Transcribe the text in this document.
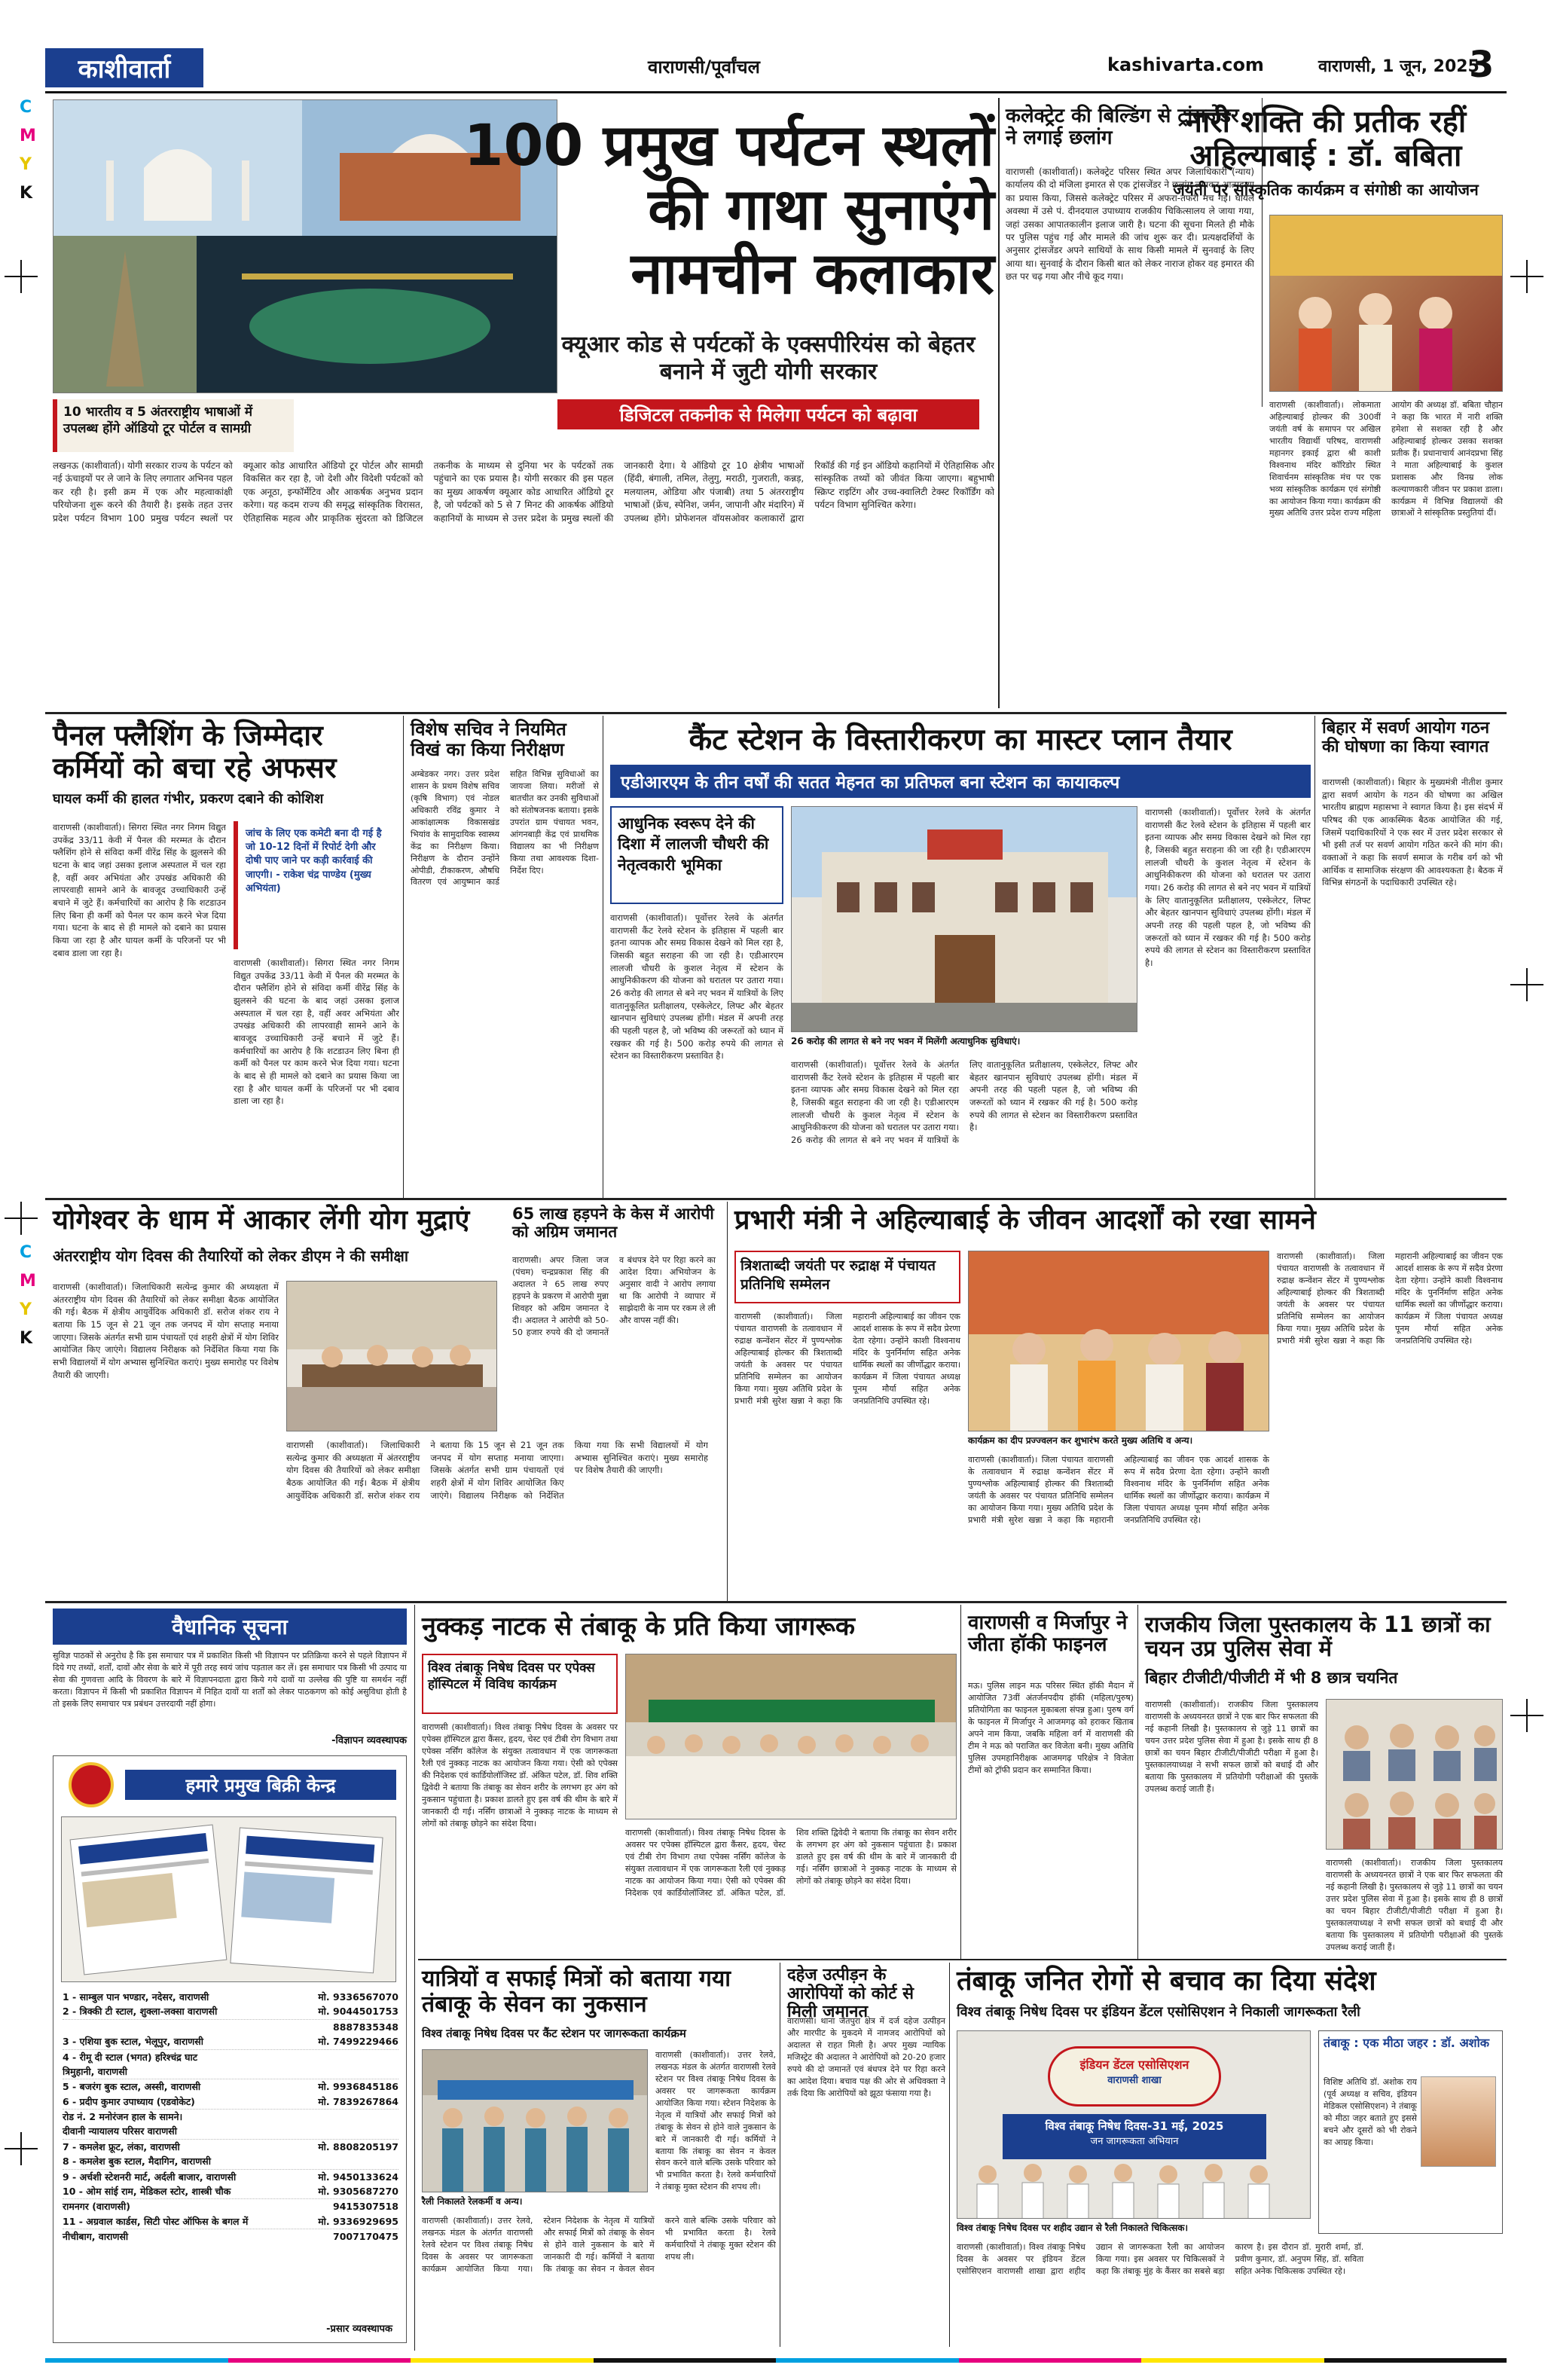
C
M
Y
K
C
M
Y
K
काशीवार्ता	वाराणसी/पूर्वांचल	kashivarta.com	वाराणसी, 1 जून, 2025
3
100 प्रमुख पर्यटन स्थलों
की गाथा सुनाएंगे
नामचीन कलाकार
क्यूआर कोड से पर्यटकों के एक्सपीरियंस को बेहतर बनाने में जुटी योगी सरकार
डिजिटल तकनीक से मिलेगा पर्यटन को बढ़ावा
10 भारतीय व 5 अंतरराष्ट्रीय भाषाओं में उपलब्ध होंगे ऑडियो टूर पोर्टल व सामग्री
लखनऊ (काशीवार्ता)। योगी सरकार राज्य के पर्यटन को नई ऊंचाइयों पर ले जाने के लिए लगातार अभिनव पहल कर रही है। इसी क्रम में एक और महत्वाकांक्षी परियोजना शुरू करने की तैयारी है। इसके तहत उत्तर प्रदेश पर्यटन विभाग 100 प्रमुख पर्यटन स्थलों पर क्यूआर कोड आधारित ऑडियो टूर पोर्टल और सामग्री विकसित कर रहा है, जो देशी और विदेशी पर्यटकों को एक अनूठा, इन्फॉर्मेटिव और आकर्षक अनुभव प्रदान करेगा। यह कदम राज्य की समृद्ध सांस्कृतिक विरासत, ऐतिहासिक महत्व और प्राकृतिक सुंदरता को डिजिटल तकनीक के माध्यम से दुनिया भर के पर्यटकों तक पहुंचाने का एक प्रयास है। योगी सरकार की इस पहल का मुख्य आकर्षण क्यूआर कोड आधारित ऑडियो टूर है, जो पर्यटकों को 5 से 7 मिनट की आकर्षक ऑडियो कहानियों के माध्यम से उत्तर प्रदेश के प्रमुख स्थलों की जानकारी देगा। ये ऑडियो टूर 10 क्षेत्रीय भाषाओं (हिंदी, बंगाली, तमिल, तेलुगु, मराठी, गुजराती, कन्नड़, मलयालम, ओडिया और पंजाबी) तथा 5 अंतरराष्ट्रीय भाषाओं (फ्रेंच, स्पेनिश, जर्मन, जापानी और मंदारिन) में उपलब्ध होंगे। प्रोफेशनल वॉयसओवर कलाकारों द्वारा रिकॉर्ड की गई इन ऑडियो कहानियों में ऐतिहासिक और सांस्कृतिक तथ्यों को जीवंत किया जाएगा। बहुभाषी स्क्रिप्ट राइटिंग और उच्च-क्वालिटी टेक्स्ट रिकॉर्डिंग को पर्यटन विभाग सुनिश्चित करेगा।
कलेक्ट्रेट की बिल्डिंग से ट्रांसजेंडर ने लगाई छलांग
वाराणसी (काशीवार्ता)। कलेक्ट्रेट परिसर स्थित अपर जिलाधिकारी (न्याय) कार्यालय की दो मंजिला इमारत से एक ट्रांसजेंडर ने छलांग लगाकर आत्महत्या का प्रयास किया, जिससे कलेक्ट्रेट परिसर में अफरा-तफरी मच गई। घायल अवस्था में उसे पं. दीनदयाल उपाध्याय राजकीय चिकित्सालय ले जाया गया, जहां उसका आपातकालीन इलाज जारी है। घटना की सूचना मिलते ही मौके पर पुलिस पहुंच गई और मामले की जांच शुरू कर दी। प्रत्यक्षदर्शियों के अनुसार ट्रांसजेंडर अपने साथियों के साथ किसी मामले में सुनवाई के लिए आया था। सुनवाई के दौरान किसी बात को लेकर नाराज होकर वह इमारत की छत पर चढ़ गया और नीचे कूद गया।
नारी शक्ति की प्रतीक रहीं अहिल्याबाई : डॉ. बबिता
जयंती पर सांस्कृतिक कार्यक्रम व संगोष्ठी का आयोजन
वाराणसी (काशीवार्ता)। लोकमाता अहिल्याबाई होल्कर की 300वीं जयंती वर्ष के समापन पर अखिल भारतीय विद्यार्थी परिषद, वाराणसी महानगर इकाई द्वारा श्री काशी विश्वनाथ मंदिर कॉरिडोर स्थित शिवार्चनम सांस्कृतिक मंच पर एक भव्य सांस्कृतिक कार्यक्रम एवं संगोष्ठी का आयोजन किया गया। कार्यक्रम की मुख्य अतिथि उत्तर प्रदेश राज्य महिला आयोग की अध्यक्ष डॉ. बबिता चौहान ने कहा कि भारत में नारी शक्ति हमेशा से सशक्त रही है और अहिल्याबाई होल्कर उसका सशक्त प्रतीक हैं। प्रधानाचार्य आनंदप्रभा सिंह ने माता अहिल्याबाई के कुशल प्रशासक और विनम्र लोक कल्याणकारी जीवन पर प्रकाश डाला। कार्यक्रम में विभिन्न विद्यालयों की छात्राओं ने सांस्कृतिक प्रस्तुतियां दीं।
पैनल फ्लैशिंग के जिम्मेदार कर्मियों को बचा रहे अफसर
घायल कर्मी की हालत गंभीर, प्रकरण दबाने की कोशिश
जांच के लिए एक कमेटी बना दी गई है जो 10-12 दिनों में रिपोर्ट देगी और दोषी पाए जाने पर कड़ी कार्रवाई की जाएगी। - राकेश चंद्र पाण्डेय (मुख्य अभियंता)
वाराणसी (काशीवार्ता)। सिगरा स्थित नगर निगम विद्युत उपकेंद्र 33/11 केवी में पैनल की मरम्मत के दौरान फ्लैशिंग होने से संविदा कर्मी वीरेंद्र सिंह के झुलसने की घटना के बाद जहां उसका इलाज अस्पताल में चल रहा है, वहीं अवर अभियंता और उपखंड अधिकारी की लापरवाही सामने आने के बावजूद उच्चाधिकारी उन्हें बचाने में जुटे हैं। कर्मचारियों का आरोप है कि शटडाउन लिए बिना ही कर्मी को पैनल पर काम करने भेज दिया गया। घटना के बाद से ही मामले को दबाने का प्रयास किया जा रहा है और घायल कर्मी के परिजनों पर भी दबाव डाला जा रहा है।
वाराणसी (काशीवार्ता)। सिगरा स्थित नगर निगम विद्युत उपकेंद्र 33/11 केवी में पैनल की मरम्मत के दौरान फ्लैशिंग होने से संविदा कर्मी वीरेंद्र सिंह के झुलसने की घटना के बाद जहां उसका इलाज अस्पताल में चल रहा है, वहीं अवर अभियंता और उपखंड अधिकारी की लापरवाही सामने आने के बावजूद उच्चाधिकारी उन्हें बचाने में जुटे हैं। कर्मचारियों का आरोप है कि शटडाउन लिए बिना ही कर्मी को पैनल पर काम करने भेज दिया गया। घटना के बाद से ही मामले को दबाने का प्रयास किया जा रहा है और घायल कर्मी के परिजनों पर भी दबाव डाला जा रहा है।
विशेष सचिव ने नियमित विखं का किया निरीक्षण
अम्बेडकर नगर। उत्तर प्रदेश शासन के प्रथम विशेष सचिव (कृषि विभाग) एवं नोडल अधिकारी रविंद्र कुमार ने आकांक्षात्मक विकासखंड भियांव के सामुदायिक स्वास्थ्य केंद्र का निरीक्षण किया। निरीक्षण के दौरान उन्होंने ओपीडी, टीकाकरण, औषधि वितरण एवं आयुष्मान कार्ड सहित विभिन्न सुविधाओं का जायजा लिया। मरीजों से बातचीत कर उनकी सुविधाओं को संतोषजनक बताया। इसके उपरांत ग्राम पंचायत भवन, आंगनबाड़ी केंद्र एवं प्राथमिक विद्यालय का भी निरीक्षण किया तथा आवश्यक दिशा-निर्देश दिए।
कैंट स्टेशन के विस्तारीकरण का मास्टर प्लान तैयार
एडीआरएम के तीन वर्षों की सतत मेहनत का प्रतिफल बना स्टेशन का कायाकल्प
आधुनिक स्वरूप देने की दिशा में लालजी चौधरी की नेतृत्वकारी भूमिका
26 करोड़ की लागत से बने नए भवन में मिलेंगी अत्याधुनिक सुविधाएं।
वाराणसी (काशीवार्ता)। पूर्वोत्तर रेलवे के अंतर्गत वाराणसी कैंट रेलवे स्टेशन के इतिहास में पहली बार इतना व्यापक और समग्र विकास देखने को मिल रहा है, जिसकी बहुत सराहना की जा रही है। एडीआरएम लालजी चौधरी के कुशल नेतृत्व में स्टेशन के आधुनिकीकरण की योजना को धरातल पर उतारा गया। 26 करोड़ की लागत से बने नए भवन में यात्रियों के लिए वातानुकूलित प्रतीक्षालय, एस्केलेटर, लिफ्ट और बेहतर खानपान सुविधाएं उपलब्ध होंगी। मंडल में अपनी तरह की पहली पहल है, जो भविष्य की जरूरतों को ध्यान में रखकर की गई है। 500 करोड़ रुपये की लागत से स्टेशन का विस्तारीकरण प्रस्तावित है।
वाराणसी (काशीवार्ता)। पूर्वोत्तर रेलवे के अंतर्गत वाराणसी कैंट रेलवे स्टेशन के इतिहास में पहली बार इतना व्यापक और समग्र विकास देखने को मिल रहा है, जिसकी बहुत सराहना की जा रही है। एडीआरएम लालजी चौधरी के कुशल नेतृत्व में स्टेशन के आधुनिकीकरण की योजना को धरातल पर उतारा गया। 26 करोड़ की लागत से बने नए भवन में यात्रियों के लिए वातानुकूलित प्रतीक्षालय, एस्केलेटर, लिफ्ट और बेहतर खानपान सुविधाएं उपलब्ध होंगी। मंडल में अपनी तरह की पहली पहल है, जो भविष्य की जरूरतों को ध्यान में रखकर की गई है। 500 करोड़ रुपये की लागत से स्टेशन का विस्तारीकरण प्रस्तावित है।
वाराणसी (काशीवार्ता)। पूर्वोत्तर रेलवे के अंतर्गत वाराणसी कैंट रेलवे स्टेशन के इतिहास में पहली बार इतना व्यापक और समग्र विकास देखने को मिल रहा है, जिसकी बहुत सराहना की जा रही है। एडीआरएम लालजी चौधरी के कुशल नेतृत्व में स्टेशन के आधुनिकीकरण की योजना को धरातल पर उतारा गया। 26 करोड़ की लागत से बने नए भवन में यात्रियों के लिए वातानुकूलित प्रतीक्षालय, एस्केलेटर, लिफ्ट और बेहतर खानपान सुविधाएं उपलब्ध होंगी। मंडल में अपनी तरह की पहली पहल है, जो भविष्य की जरूरतों को ध्यान में रखकर की गई है। 500 करोड़ रुपये की लागत से स्टेशन का विस्तारीकरण प्रस्तावित है।
बिहार में सवर्ण आयोग गठन की घोषणा का किया स्वागत
वाराणसी (काशीवार्ता)। बिहार के मुख्यमंत्री नीतीश कुमार द्वारा सवर्ण आयोग के गठन की घोषणा का अखिल भारतीय ब्राह्मण महासभा ने स्वागत किया है। इस संदर्भ में परिषद की एक आकस्मिक बैठक आयोजित की गई, जिसमें पदाधिकारियों ने एक स्वर में उत्तर प्रदेश सरकार से भी इसी तर्ज पर सवर्ण आयोग गठित करने की मांग की। वक्ताओं ने कहा कि सवर्ण समाज के गरीब वर्ग को भी आर्थिक व सामाजिक संरक्षण की आवश्यकता है। बैठक में विभिन्न संगठनों के पदाधिकारी उपस्थित रहे।
योगेश्वर के धाम में आकार लेंगी योग मुद्राएं
अंतरराष्ट्रीय योग दिवस की तैयारियों को लेकर डीएम ने की समीक्षा
वाराणसी (काशीवार्ता)। जिलाधिकारी सत्येन्द्र कुमार की अध्यक्षता में अंतरराष्ट्रीय योग दिवस की तैयारियों को लेकर समीक्षा बैठक आयोजित की गई। बैठक में क्षेत्रीय आयुर्वेदिक अधिकारी डॉ. सरोज शंकर राय ने बताया कि 15 जून से 21 जून तक जनपद में योग सप्ताह मनाया जाएगा। जिसके अंतर्गत सभी ग्राम पंचायतों एवं शहरी क्षेत्रों में योग शिविर आयोजित किए जाएंगे। विद्यालय निरीक्षक को निर्देशित किया गया कि सभी विद्यालयों में योग अभ्यास सुनिश्चित कराएं। मुख्य समारोह पर विशेष तैयारी की जाएगी।
वाराणसी (काशीवार्ता)। जिलाधिकारी सत्येन्द्र कुमार की अध्यक्षता में अंतरराष्ट्रीय योग दिवस की तैयारियों को लेकर समीक्षा बैठक आयोजित की गई। बैठक में क्षेत्रीय आयुर्वेदिक अधिकारी डॉ. सरोज शंकर राय ने बताया कि 15 जून से 21 जून तक जनपद में योग सप्ताह मनाया जाएगा। जिसके अंतर्गत सभी ग्राम पंचायतों एवं शहरी क्षेत्रों में योग शिविर आयोजित किए जाएंगे। विद्यालय निरीक्षक को निर्देशित किया गया कि सभी विद्यालयों में योग अभ्यास सुनिश्चित कराएं। मुख्य समारोह पर विशेष तैयारी की जाएगी।
65 लाख हड़पने के केस में आरोपी को अग्रिम जमानत
वाराणसी। अपर जिला जज (पंचम) चन्द्रप्रकाश सिंह की अदालत ने 65 लाख रुपए हड़पने के प्रकरण में आरोपी मुन्ना शिवहर को अग्रिम जमानत दे दी। अदालत ने आरोपी को 50-50 हजार रुपये की दो जमानतें व बंधपत्र देने पर रिहा करने का आदेश दिया। अभियोजन के अनुसार वादी ने आरोप लगाया था कि आरोपी ने व्यापार में साझेदारी के नाम पर रकम ले ली और वापस नहीं की।
प्रभारी मंत्री ने अहिल्याबाई के जीवन आदर्शों को रखा सामने
त्रिशताब्दी जयंती पर रुद्राक्ष में पंचायत प्रतिनिधि सम्मेलन
कार्यक्रम का दीप प्रज्ज्वलन कर शुभारंभ करते मुख्य अतिथि व अन्य।
वाराणसी (काशीवार्ता)। जिला पंचायत वाराणसी के तत्वावधान में रुद्राक्ष कन्वेंशन सेंटर में पुण्यश्लोक अहिल्याबाई होल्कर की त्रिशताब्दी जयंती के अवसर पर पंचायत प्रतिनिधि सम्मेलन का आयोजन किया गया। मुख्य अतिथि प्रदेश के प्रभारी मंत्री सुरेश खन्ना ने कहा कि महारानी अहिल्याबाई का जीवन एक आदर्श शासक के रूप में सदैव प्रेरणा देता रहेगा। उन्होंने काशी विश्वनाथ मंदिर के पुनर्निर्माण सहित अनेक धार्मिक स्थलों का जीर्णोद्धार कराया। कार्यक्रम में जिला पंचायत अध्यक्ष पूनम मौर्या सहित अनेक जनप्रतिनिधि उपस्थित रहे।
वाराणसी (काशीवार्ता)। जिला पंचायत वाराणसी के तत्वावधान में रुद्राक्ष कन्वेंशन सेंटर में पुण्यश्लोक अहिल्याबाई होल्कर की त्रिशताब्दी जयंती के अवसर पर पंचायत प्रतिनिधि सम्मेलन का आयोजन किया गया। मुख्य अतिथि प्रदेश के प्रभारी मंत्री सुरेश खन्ना ने कहा कि महारानी अहिल्याबाई का जीवन एक आदर्श शासक के रूप में सदैव प्रेरणा देता रहेगा। उन्होंने काशी विश्वनाथ मंदिर के पुनर्निर्माण सहित अनेक धार्मिक स्थलों का जीर्णोद्धार कराया। कार्यक्रम में जिला पंचायत अध्यक्ष पूनम मौर्या सहित अनेक जनप्रतिनिधि उपस्थित रहे।
वाराणसी (काशीवार्ता)। जिला पंचायत वाराणसी के तत्वावधान में रुद्राक्ष कन्वेंशन सेंटर में पुण्यश्लोक अहिल्याबाई होल्कर की त्रिशताब्दी जयंती के अवसर पर पंचायत प्रतिनिधि सम्मेलन का आयोजन किया गया। मुख्य अतिथि प्रदेश के प्रभारी मंत्री सुरेश खन्ना ने कहा कि महारानी अहिल्याबाई का जीवन एक आदर्श शासक के रूप में सदैव प्रेरणा देता रहेगा। उन्होंने काशी विश्वनाथ मंदिर के पुनर्निर्माण सहित अनेक धार्मिक स्थलों का जीर्णोद्धार कराया। कार्यक्रम में जिला पंचायत अध्यक्ष पूनम मौर्या सहित अनेक जनप्रतिनिधि उपस्थित रहे।
वैधानिक सूचना
सुविज्ञ पाठकों से अनुरोध है कि इस समाचार पत्र में प्रकाशित किसी भी विज्ञापन पर प्रतिक्रिया करने से पहले विज्ञापन में दिये गए तथ्यों, शर्तों, दावों और सेवा के बारे में पूरी तरह स्वयं जांच पड़ताल कर लें। इस समाचार पत्र किसी भी उत्पाद या सेवा की गुणवत्ता आदि के विवरण के बारे में विज्ञापनदाता द्वारा किये गये दावों या उल्लेख की पुष्टि या समर्थन नहीं करता। विज्ञापन में किसी भी प्रकाशित विज्ञापन में निहित दावों या शर्तों को लेकर पाठकगण को कोई असुविधा होती है तो इसके लिए समाचार पत्र प्रबंधन उत्तरदायी नहीं होगा।
-विज्ञापन व्यवस्थापक
हमारे प्रमुख बिक्री केन्द्र
1 - साम्बुल पान भण्डार, नदेसर, वाराणसी	मो. 9336567070
2 - त्रिक्की टी स्टाल, शुक्ला-लक्सा वाराणसी	मो. 9044501753
8887835348
3 - एशिया बुक स्टाल, भेलूपुर, वाराणसी	मो. 7499229466
4 - रीमू दी स्टाल (भगत) हरिश्चंद्र घाट
त्रिमुहानी, वाराणसी
5 - बजरंग बुक स्टाल, अस्सी, वाराणसी	मो. 9936845186
6 - प्रदीप कुमार उपाध्याय (एडवोकेट)	मो. 7839267864
रोड नं. 2 मनोरंजन हाल के सामने।
दीवानी न्यायालय परिसर वाराणसी
7 - कमलेश फ्रूट, लंका, वाराणसी	मो. 8808205197
8 - कमलेश बुक स्टाल, मैदागिन, वाराणसी
9 - अर्चशी स्टेशनरी मार्ट, अर्दली बाजार, वाराणसी	मो. 9450133624
10 - ओम सांई राम, मेडिकल स्टोर, शास्त्री चौक	मो. 9305687270
रामनगर (वाराणसी)	9415307518
11 - अग्रवाल कार्डस, सिटी पोस्ट ऑफिस के बगल में	मो. 9336929695
नीचीबाग, वाराणसी	7007170475
-प्रसार व्यवस्थापक
नुक्कड़ नाटक से तंबाकू के प्रति किया जागरूक
विश्व तंबाकू निषेध दिवस पर एपेक्स हॉस्पिटल में विविध कार्यक्रम
वाराणसी (काशीवार्ता)। विश्व तंबाकू निषेध दिवस के अवसर पर एपेक्स हॉस्पिटल द्वारा कैंसर, हृदय, चेस्ट एवं टीबी रोग विभाग तथा एपेक्स नर्सिंग कॉलेज के संयुक्त तत्वावधान में एक जागरूकता रैली एवं नुक्कड़ नाटक का आयोजन किया गया। ऐसी को एपेक्स की निदेशक एवं कार्डियोलॉजिस्ट डॉ. अंकित पटेल, डॉ. शिव शक्ति द्विवेदी ने बताया कि तंबाकू का सेवन शरीर के लगभग हर अंग को नुकसान पहुंचाता है। प्रकाश डालते हुए इस वर्ष की थीम के बारे में जानकारी दी गई। नर्सिंग छात्राओं ने नुक्कड़ नाटक के माध्यम से लोगों को तंबाकू छोड़ने का संदेश दिया।
वाराणसी (काशीवार्ता)। विश्व तंबाकू निषेध दिवस के अवसर पर एपेक्स हॉस्पिटल द्वारा कैंसर, हृदय, चेस्ट एवं टीबी रोग विभाग तथा एपेक्स नर्सिंग कॉलेज के संयुक्त तत्वावधान में एक जागरूकता रैली एवं नुक्कड़ नाटक का आयोजन किया गया। ऐसी को एपेक्स की निदेशक एवं कार्डियोलॉजिस्ट डॉ. अंकित पटेल, डॉ. शिव शक्ति द्विवेदी ने बताया कि तंबाकू का सेवन शरीर के लगभग हर अंग को नुकसान पहुंचाता है। प्रकाश डालते हुए इस वर्ष की थीम के बारे में जानकारी दी गई। नर्सिंग छात्राओं ने नुक्कड़ नाटक के माध्यम से लोगों को तंबाकू छोड़ने का संदेश दिया।
वाराणसी व मिर्जापुर ने जीता हॉकी फाइनल
मऊ। पुलिस लाइन मऊ परिसर स्थित हॉकी मैदान में आयोजित 73वीं अंतर्जनपदीय हॉकी (महिला/पुरुष) प्रतियोगिता का फाइनल मुकाबला संपन्न हुआ। पुरुष वर्ग के फाइनल में मिर्जापुर ने आजमगढ़ को हराकर खिताब अपने नाम किया, जबकि महिला वर्ग में वाराणसी की टीम ने मऊ को पराजित कर विजेता बनी। मुख्य अतिथि पुलिस उपमहानिरीक्षक आजमगढ़ परिक्षेत्र ने विजेता टीमों को ट्रॉफी प्रदान कर सम्मानित किया।
राजकीय जिला पुस्तकालय के 11 छात्रों का चयन उप्र पुलिस सेवा में
बिहार टीजीटी/पीजीटी में भी 8 छात्र चयनित
वाराणसी (काशीवार्ता)। राजकीय जिला पुस्तकालय वाराणसी के अध्ययनरत छात्रों ने एक बार फिर सफलता की नई कहानी लिखी है। पुस्तकालय से जुड़े 11 छात्रों का चयन उत्तर प्रदेश पुलिस सेवा में हुआ है। इसके साथ ही 8 छात्रों का चयन बिहार टीजीटी/पीजीटी परीक्षा में हुआ है। पुस्तकालयाध्यक्ष ने सभी सफल छात्रों को बधाई दी और बताया कि पुस्तकालय में प्रतियोगी परीक्षाओं की पुस्तकें उपलब्ध कराई जाती हैं।
वाराणसी (काशीवार्ता)। राजकीय जिला पुस्तकालय वाराणसी के अध्ययनरत छात्रों ने एक बार फिर सफलता की नई कहानी लिखी है। पुस्तकालय से जुड़े 11 छात्रों का चयन उत्तर प्रदेश पुलिस सेवा में हुआ है। इसके साथ ही 8 छात्रों का चयन बिहार टीजीटी/पीजीटी परीक्षा में हुआ है। पुस्तकालयाध्यक्ष ने सभी सफल छात्रों को बधाई दी और बताया कि पुस्तकालय में प्रतियोगी परीक्षाओं की पुस्तकें उपलब्ध कराई जाती हैं।
यात्रियों व सफाई मित्रों को बताया गया तंबाकू के सेवन का नुकसान
विश्व तंबाकू निषेध दिवस पर कैंट स्टेशन पर जागरूकता कार्यक्रम
रैली निकालते रेलकर्मी व अन्य।
वाराणसी (काशीवार्ता)। उत्तर रेलवे, लखनऊ मंडल के अंतर्गत वाराणसी रेलवे स्टेशन पर विश्व तंबाकू निषेध दिवस के अवसर पर जागरूकता कार्यक्रम आयोजित किया गया। स्टेशन निदेशक के नेतृत्व में यात्रियों और सफाई मित्रों को तंबाकू के सेवन से होने वाले नुकसान के बारे में जानकारी दी गई। कर्मियों ने बताया कि तंबाकू का सेवन न केवल सेवन करने वाले बल्कि उसके परिवार को भी प्रभावित करता है। रेलवे कर्मचारियों ने तंबाकू मुक्त स्टेशन की शपथ ली।
वाराणसी (काशीवार्ता)। उत्तर रेलवे, लखनऊ मंडल के अंतर्गत वाराणसी रेलवे स्टेशन पर विश्व तंबाकू निषेध दिवस के अवसर पर जागरूकता कार्यक्रम आयोजित किया गया। स्टेशन निदेशक के नेतृत्व में यात्रियों और सफाई मित्रों को तंबाकू के सेवन से होने वाले नुकसान के बारे में जानकारी दी गई। कर्मियों ने बताया कि तंबाकू का सेवन न केवल सेवन करने वाले बल्कि उसके परिवार को भी प्रभावित करता है। रेलवे कर्मचारियों ने तंबाकू मुक्त स्टेशन की शपथ ली।
दहेज उत्पीड़न के आरोपियों को कोर्ट से मिली जमानत
वाराणसी। थाना जैतपुरा क्षेत्र में दर्ज दहेज उत्पीड़न और मारपीट के मुकदमे में नामजद आरोपियों को अदालत से राहत मिली है। अपर मुख्य न्यायिक मजिस्ट्रेट की अदालत ने आरोपियों को 20-20 हजार रुपये की दो जमानतें एवं बंधपत्र देने पर रिहा करने का आदेश दिया। बचाव पक्ष की ओर से अधिवक्ता ने तर्क दिया कि आरोपियों को झूठा फंसाया गया है।
तंबाकू जनित रोगों से बचाव का दिया संदेश
विश्व तंबाकू निषेध दिवस पर इंडियन डेंटल एसोसिएशन ने निकाली जागरूकता रैली
इंडियन डेंटल एसोसिएशन
वाराणसी शाखा
विश्व तंबाकू निषेध दिवस-31 मई, 2025
जन जागरूकता अभियान
विश्व तंबाकू निषेध दिवस पर शहीद उद्यान से रैली निकालते चिकित्सक।
वाराणसी (काशीवार्ता)। विश्व तंबाकू निषेध दिवस के अवसर पर इंडियन डेंटल एसोसिएशन वाराणसी शाखा द्वारा शहीद उद्यान से जागरूकता रैली का आयोजन किया गया। इस अवसर पर चिकित्सकों ने कहा कि तंबाकू मुंह के कैंसर का सबसे बड़ा कारण है। इस दौरान डॉ. मुरारी शर्मा, डॉ. प्रवीण कुमार, डॉ. अनुपम सिंह, डॉ. सविता सहित अनेक चिकित्सक उपस्थित रहे।
तंबाकू : एक मीठा जहर : डॉ. अशोक
विशिष्ट अतिथि डॉ. अशोक राय (पूर्व अध्यक्ष व सचिव, इंडियन मेडिकल एसोसिएशन) ने तंबाकू को मीठा जहर बताते हुए इससे बचने और दूसरों को भी रोकने का आग्रह किया।
